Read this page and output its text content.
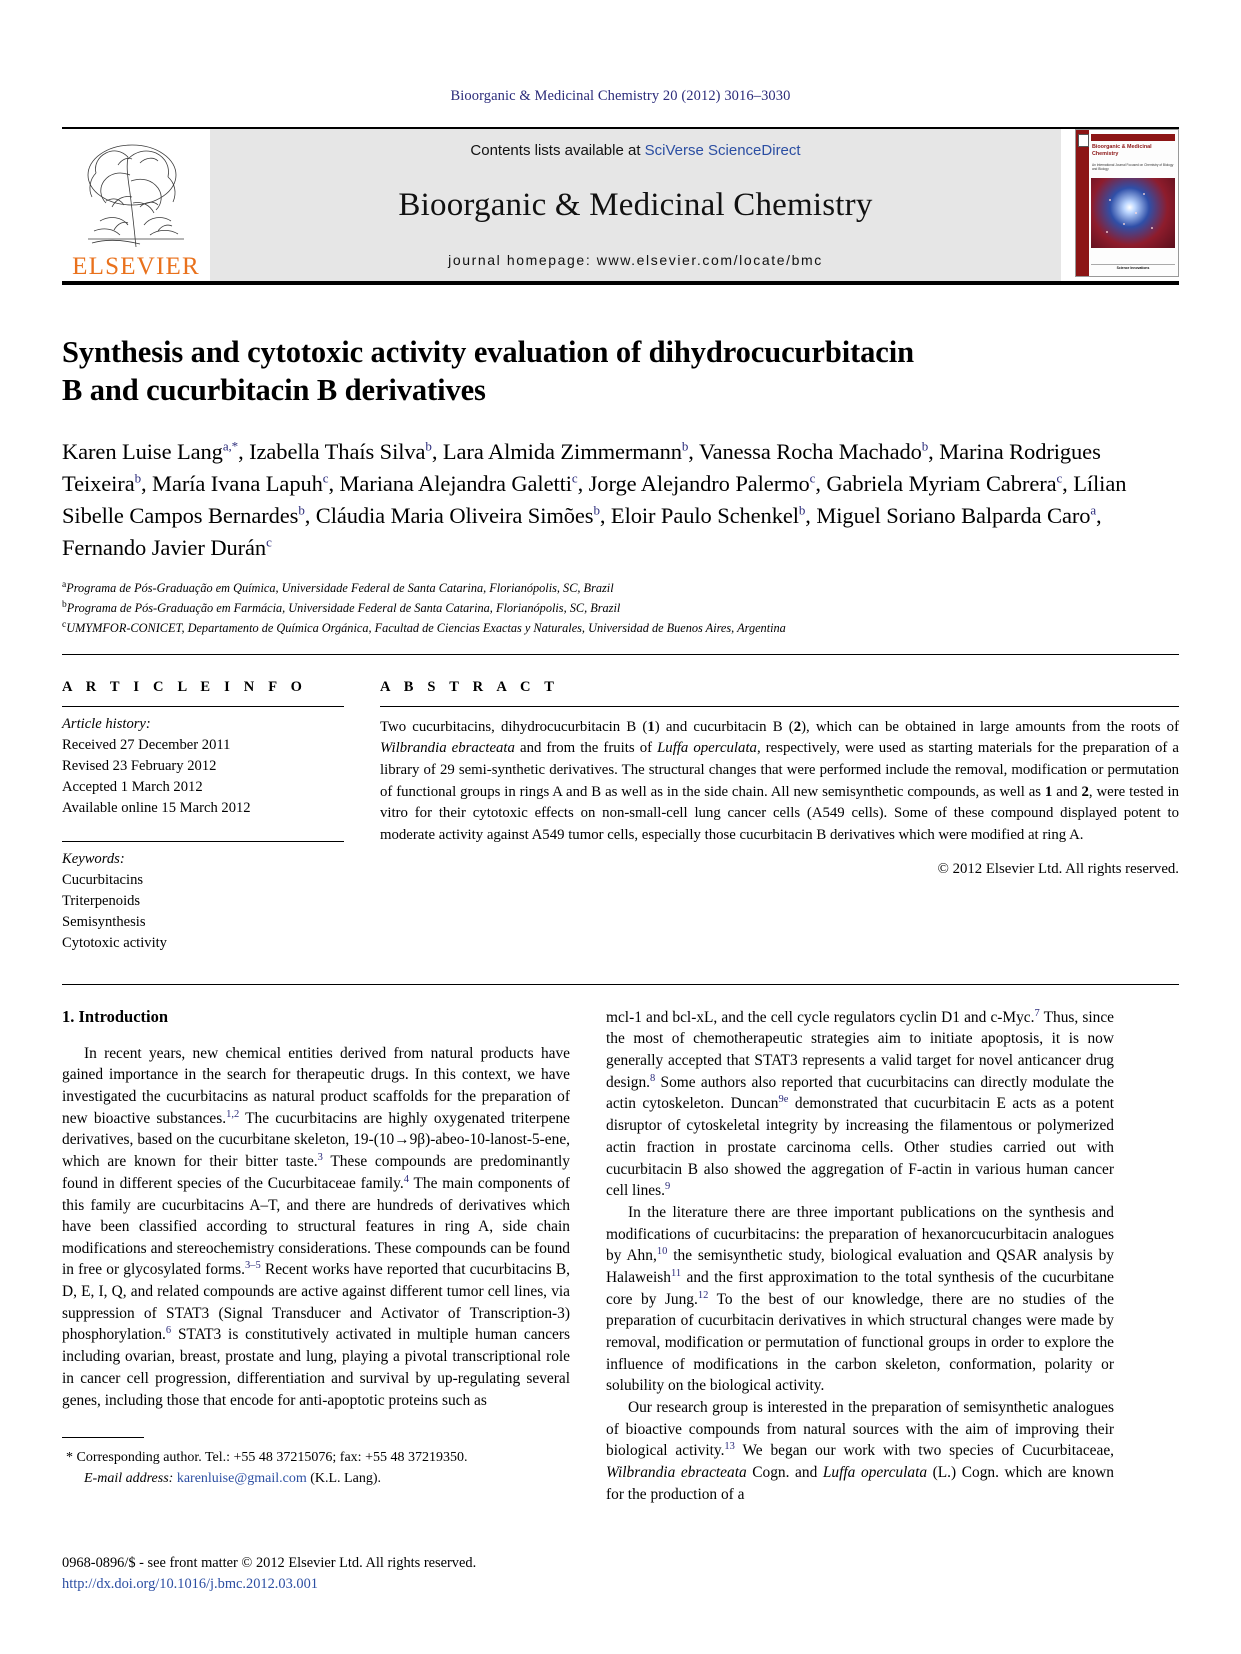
Bioorganic & Medicinal Chemistry 20 (2012) 3016–3030
ELSEVIER
Contents lists available at SciVerse ScienceDirect
Bioorganic & Medicinal Chemistry
journal homepage: www.elsevier.com/locate/bmc
Bioorganic & Medicinal Chemistry
An International Journal Focused on Chemistry of Biology and Biology
Science Innovations
Synthesis and cytotoxic activity evaluation of dihydrocucurbitacin
B and cucurbitacin B derivatives
Karen Luise Lang$^{a,*}$, Izabella Thaís Silva$^b$, Lara Almida Zimmermann$^b$, Vanessa Rocha Machado$^b$, Marina Rodrigues Teixeira$^b$, María Ivana Lapuh$^c$, Mariana Alejandra Galetti$^c$, Jorge Alejandro Palermo$^c$, Gabriela Myriam Cabrera$^c$, Lílian Sibelle Campos Bernardes$^b$, Cláudia Maria Oliveira Simões$^b$, Eloir Paulo Schenkel$^b$, Miguel Soriano Balparda Caro$^a$, Fernando Javier Durán$^c$
$^a$Programa de Pós-Graduação em Química, Universidade Federal de Santa Catarina, Florianópolis, SC, Brazil
$^b$Programa de Pós-Graduação em Farmácia, Universidade Federal de Santa Catarina, Florianópolis, SC, Brazil
$^c$UMYMFOR-CONICET, Departamento de Química Orgánica, Facultad de Ciencias Exactas y Naturales, Universidad de Buenos Aires, Argentina
A R T I C L E I N F O
Article history:
Received 27 December 2011
Revised 23 February 2012
Accepted 1 March 2012
Available online 15 March 2012
Keywords:
Cucurbitacins
Triterpenoids
Semisynthesis
Cytotoxic activity
A B S T R A C T
Two cucurbitacins, dihydrocucurbitacin B (1) and cucurbitacin B (2), which can be obtained in large amounts from the roots of Wilbrandia ebracteata and from the fruits of Luffa operculata, respectively, were used as starting materials for the preparation of a library of 29 semi-synthetic derivatives. The structural changes that were performed include the removal, modification or permutation of functional groups in rings A and B as well as in the side chain. All new semisynthetic compounds, as well as 1 and 2, were tested in vitro for their cytotoxic effects on non-small-cell lung cancer cells (A549 cells). Some of these compound displayed potent to moderate activity against A549 tumor cells, especially those cucurbitacin B derivatives which were modified at ring A.
© 2012 Elsevier Ltd. All rights reserved.
1. Introduction

In recent years, new chemical entities derived from natural products have gained importance in the search for therapeutic drugs. In this context, we have investigated the cucurbitacins as natural product scaffolds for the preparation of new bioactive substances.$^{1,2}$ The cucurbitacins are highly oxygenated triterpene derivatives, based on the cucurbitane skeleton, 19-(10→9β)-abeo-10-lanost-5-ene, which are known for their bitter taste.$^3$ These compounds are predominantly found in different species of the Cucurbitaceae family.$^4$ The main components of this family are cucurbitacins A–T, and there are hundreds of derivatives which have been classified according to structural features in ring A, side chain modifications and stereochemistry considerations. These compounds can be found in free or glycosylated forms.$^{3-5}$ Recent works have reported that cucurbitacins B, D, E, I, Q, and related compounds are active against different tumor cell lines, via suppression of STAT3 (Signal Transducer and Activator of Transcription-3) phosphorylation.$^6$ STAT3 is constitutively activated in multiple human cancers including ovarian, breast, prostate and lung, playing a pivotal transcriptional role in cancer cell progression, differentiation and survival by up-regulating several genes, including those that encode for anti-apoptotic proteins such as

* Corresponding author. Tel.: +55 48 37215076; fax: +55 48 37219350.
E-mail address: karenluise@gmail.com (K.L. Lang).

mcl-1 and bcl-xL, and the cell cycle regulators cyclin D1 and c-Myc.$^7$ Thus, since the most of chemotherapeutic strategies aim to initiate apoptosis, it is now generally accepted that STAT3 represents a valid target for novel anticancer drug design.$^8$ Some authors also reported that cucurbitacins can directly modulate the actin cytoskeleton. Duncan$^{9e}$ demonstrated that cucurbitacin E acts as a potent disruptor of cytoskeletal integrity by increasing the filamentous or polymerized actin fraction in prostate carcinoma cells. Other studies carried out with cucurbitacin B also showed the aggregation of F-actin in various human cancer cell lines.$^9$

In the literature there are three important publications on the synthesis and modifications of cucurbitacins: the preparation of hexanorcucurbitacin analogues by Ahn,$^{10}$ the semisynthetic study, biological evaluation and QSAR analysis by Halaweish$^{11}$ and the first approximation to the total synthesis of the cucurbitane core by Jung.$^{12}$ To the best of our knowledge, there are no studies of the preparation of cucurbitacin derivatives in which structural changes were made by removal, modification or permutation of functional groups in order to explore the influence of modifications in the carbon skeleton, conformation, polarity or solubility on the biological activity.

Our research group is interested in the preparation of semisynthetic analogues of bioactive compounds from natural sources with the aim of improving their biological activity.$^{13}$ We began our work with two species of Cucurbitaceae, Wilbrandia ebracteata Cogn. and Luffa operculata (L.) Cogn. which are known for the production of a

0968-0896/$ - see front matter © 2012 Elsevier Ltd. All rights reserved.
http://dx.doi.org/10.1016/j.bmc.2012.03.001
